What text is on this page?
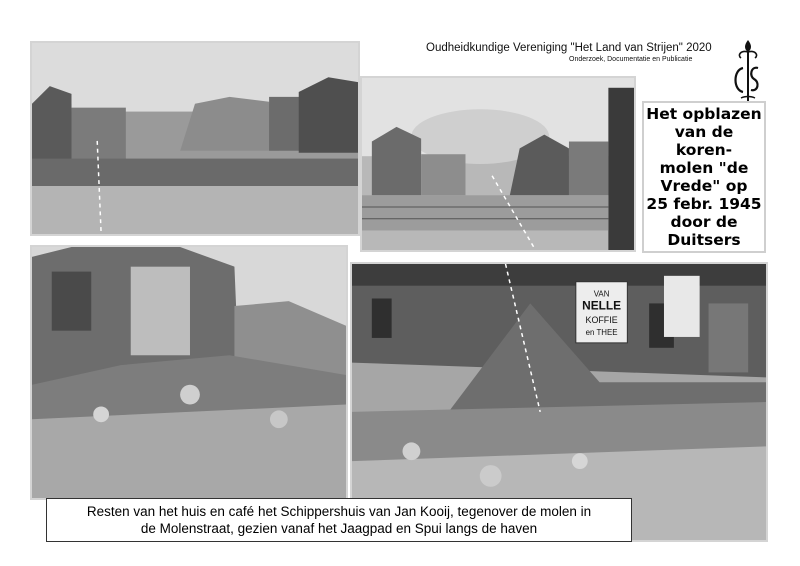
Oudheidkundige Vereniging "Het Land van Strijen" 2020
Onderzoek, Documentatie en Publicatie
Het opblazen
van de koren-
molen "de
Vrede" op
25 febr. 1945
door de
Duitsers
VAN
NELLE
KOFFIE
en THEE
Resten van het huis en café het Schippershuis van Jan Kooij, tegenover de molen in
de Molenstraat, gezien vanaf het Jaagpad en Spui langs de haven
